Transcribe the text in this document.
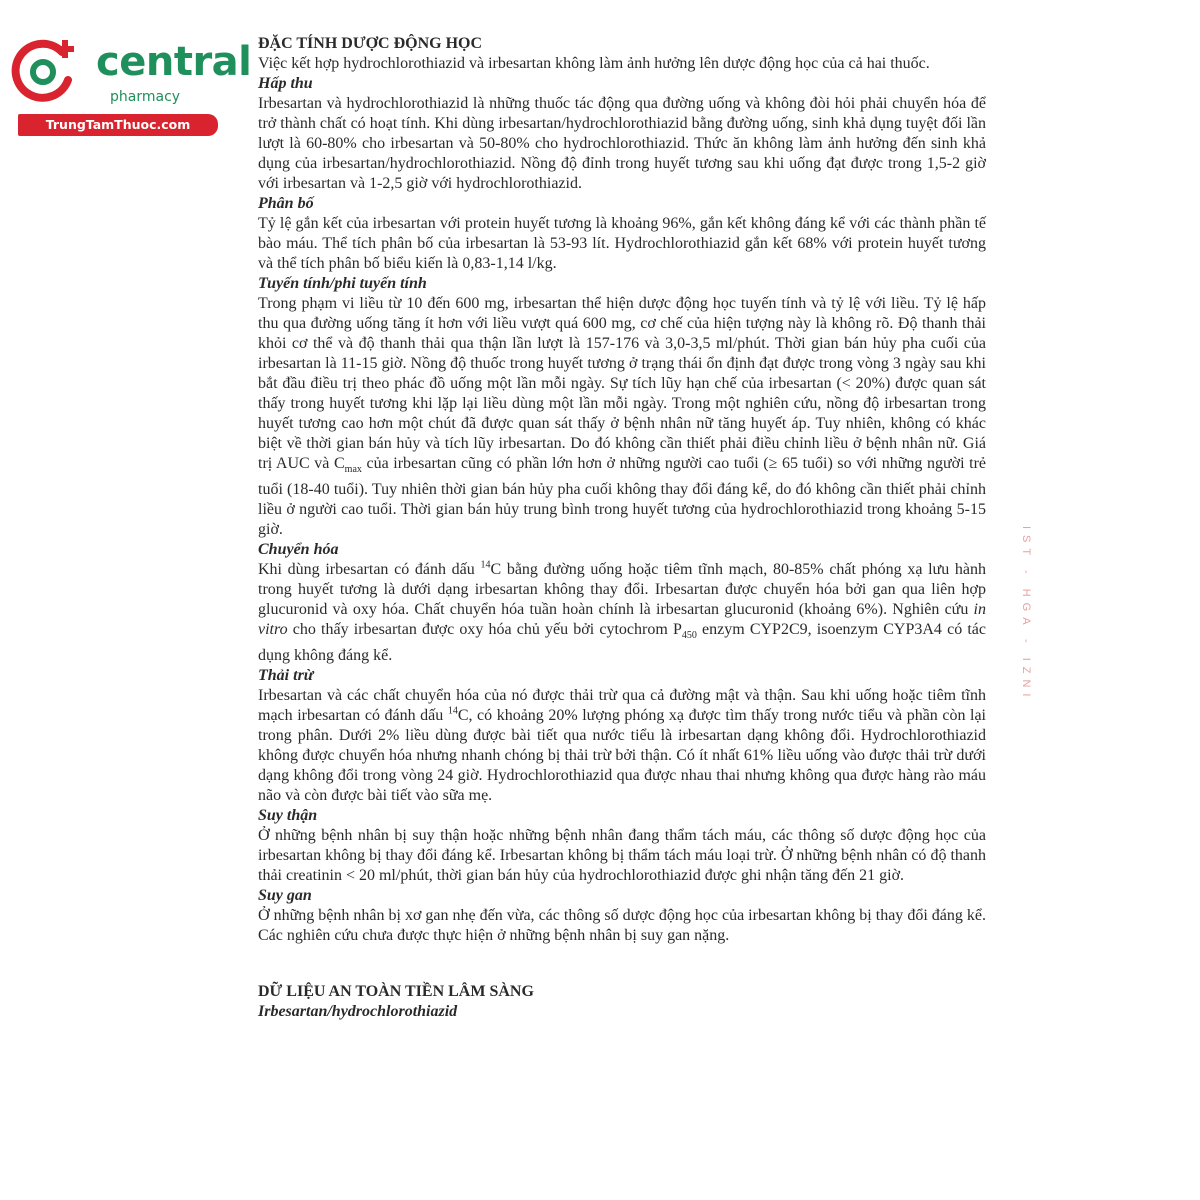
central
pharmacy
TrungTamThuoc.com

ĐẶC TÍNH DƯỢC ĐỘNG HỌC

Việc kết hợp hydrochlorothiazid và irbesartan không làm ảnh hưởng lên dược động học của cả hai thuốc.

Hấp thu

Irbesartan và hydrochlorothiazid là những thuốc tác động qua đường uống và không đòi hỏi phải chuyển hóa để trở thành chất có hoạt tính. Khi dùng irbesartan/hydrochlorothiazid bằng đường uống, sinh khả dụng tuyệt đối lần lượt là 60-80% cho irbesartan và 50-80% cho hydrochlorothiazid. Thức ăn không làm ảnh hưởng đến sinh khả dụng của irbesartan/hydrochlorothiazid. Nồng độ đỉnh trong huyết tương sau khi uống đạt được trong 1,5-2 giờ với irbesartan và 1-2,5 giờ với hydrochlorothiazid.

Phân bố

Tỷ lệ gắn kết của irbesartan với protein huyết tương là khoảng 96%, gắn kết không đáng kể với các thành phần tế bào máu. Thể tích phân bố của irbesartan là 53-93 lít. Hydrochlorothiazid gắn kết 68% với protein huyết tương và thể tích phân bố biểu kiến là 0,83-1,14 l/kg.

Tuyến tính/phi tuyến tính

Trong phạm vi liều từ 10 đến 600 mg, irbesartan thể hiện dược động học tuyến tính và tỷ lệ với liều. Tỷ lệ hấp thu qua đường uống tăng ít hơn với liều vượt quá 600 mg, cơ chế của hiện tượng này là không rõ. Độ thanh thải khỏi cơ thể và độ thanh thải qua thận lần lượt là 157-176 và 3,0-3,5 ml/phút. Thời gian bán hủy pha cuối của irbesartan là 11-15 giờ. Nồng độ thuốc trong huyết tương ở trạng thái ổn định đạt được trong vòng 3 ngày sau khi bắt đầu điều trị theo phác đồ uống một lần mỗi ngày. Sự tích lũy hạn chế của irbesartan (< 20%) được quan sát thấy trong huyết tương khi lặp lại liều dùng một lần mỗi ngày. Trong một nghiên cứu, nồng độ irbesartan trong huyết tương cao hơn một chút đã được quan sát thấy ở bệnh nhân nữ tăng huyết áp. Tuy nhiên, không có khác biệt về thời gian bán hủy và tích lũy irbesartan. Do đó không cần thiết phải điều chỉnh liều ở bệnh nhân nữ. Giá trị AUC và $C_{max}$ của irbesartan cũng có phần lớn hơn ở những người cao tuổi (≥ 65 tuổi) so với những người trẻ tuổi (18-40 tuổi). Tuy nhiên thời gian bán hủy pha cuối không thay đổi đáng kể, do đó không cần thiết phải chỉnh liều ở người cao tuổi. Thời gian bán hủy trung bình trong huyết tương của hydrochlorothiazid trong khoảng 5-15 giờ.

Chuyển hóa

Khi dùng irbesartan có đánh dấu $^{14}$C bằng đường uống hoặc tiêm tĩnh mạch, 80-85% chất phóng xạ lưu hành trong huyết tương là dưới dạng irbesartan không thay đổi. Irbesartan được chuyển hóa bởi gan qua liên hợp glucuronid và oxy hóa. Chất chuyển hóa tuần hoàn chính là irbesartan glucuronid (khoảng 6%). Nghiên cứu in vitro cho thấy irbesartan được oxy hóa chủ yếu bởi cytochrom $P_{450}$ enzym CYP2C9, isoenzym CYP3A4 có tác dụng không đáng kể.

Thải trừ

Irbesartan và các chất chuyển hóa của nó được thải trừ qua cả đường mật và thận. Sau khi uống hoặc tiêm tĩnh mạch irbesartan có đánh dấu $^{14}$C, có khoảng 20% lượng phóng xạ được tìm thấy trong nước tiểu và phần còn lại trong phân. Dưới 2% liều dùng được bài tiết qua nước tiểu là irbesartan dạng không đổi. Hydrochlorothiazid không được chuyển hóa nhưng nhanh chóng bị thải trừ bởi thận. Có ít nhất 61% liều uống vào được thải trừ dưới dạng không đổi trong vòng 24 giờ. Hydrochlorothiazid qua được nhau thai nhưng không qua được hàng rào máu não và còn được bài tiết vào sữa mẹ.

Suy thận

Ở những bệnh nhân bị suy thận hoặc những bệnh nhân đang thẩm tách máu, các thông số dược động học của irbesartan không bị thay đổi đáng kể. Irbesartan không bị thẩm tách máu loại trừ. Ở những bệnh nhân có độ thanh thải creatinin < 20 ml/phút, thời gian bán hủy của hydrochlorothiazid được ghi nhận tăng đến 21 giờ.

Suy gan

Ở những bệnh nhân bị xơ gan nhẹ đến vừa, các thông số dược động học của irbesartan không bị thay đổi đáng kể. Các nghiên cứu chưa được thực hiện ở những bệnh nhân bị suy gan nặng.

DỮ LIỆU AN TOÀN TIỀN LÂM SÀNG

Irbesartan/hydrochlorothiazid

IST - HGA - IZNI
